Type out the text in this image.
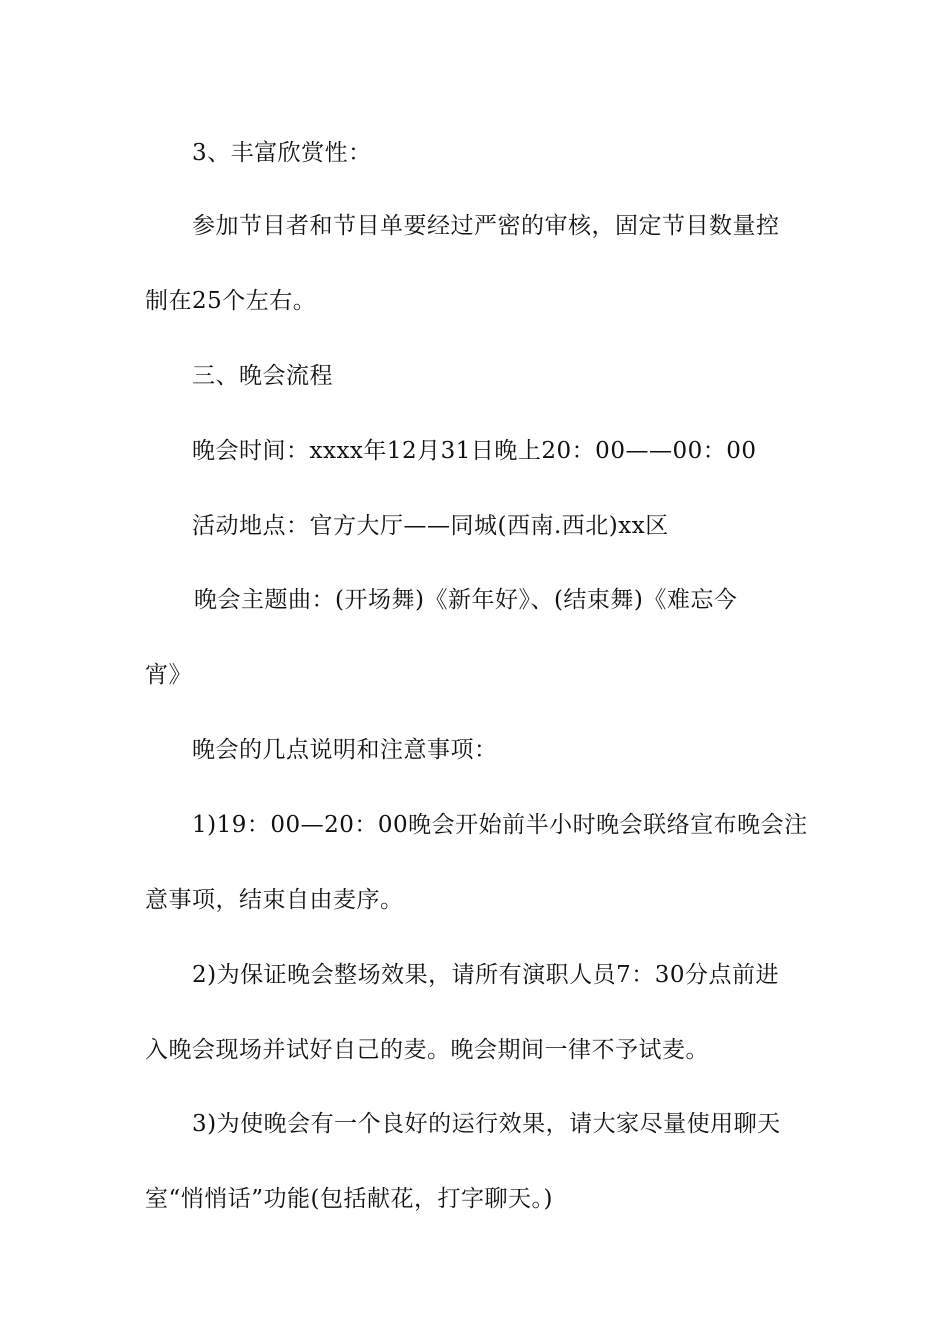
3、丰富欣赏性：
参加节目者和节目单要经过严密的审核，固定节目数量控
制在25个左右。
三、晚会流程
晚会时间：xxxx年12月31日晚上20：00——00：00
活动地点：官方大厅——同城(西南.西北)xx区
晚会主题曲：(开场舞)《新年好》、(结束舞)《难忘今
宵》
晚会的几点说明和注意事项：
1)19：00—20：00晚会开始前半小时晚会联络宣布晚会注
意事项，结束自由麦序。
2)为保证晚会整场效果，请所有演职人员7：30分点前进
入晚会现场并试好自己的麦。晚会期间一律不予试麦。
3)为使晚会有一个良好的运行效果，请大家尽量使用聊天
室“悄悄话”功能(包括献花，打字聊天。)
